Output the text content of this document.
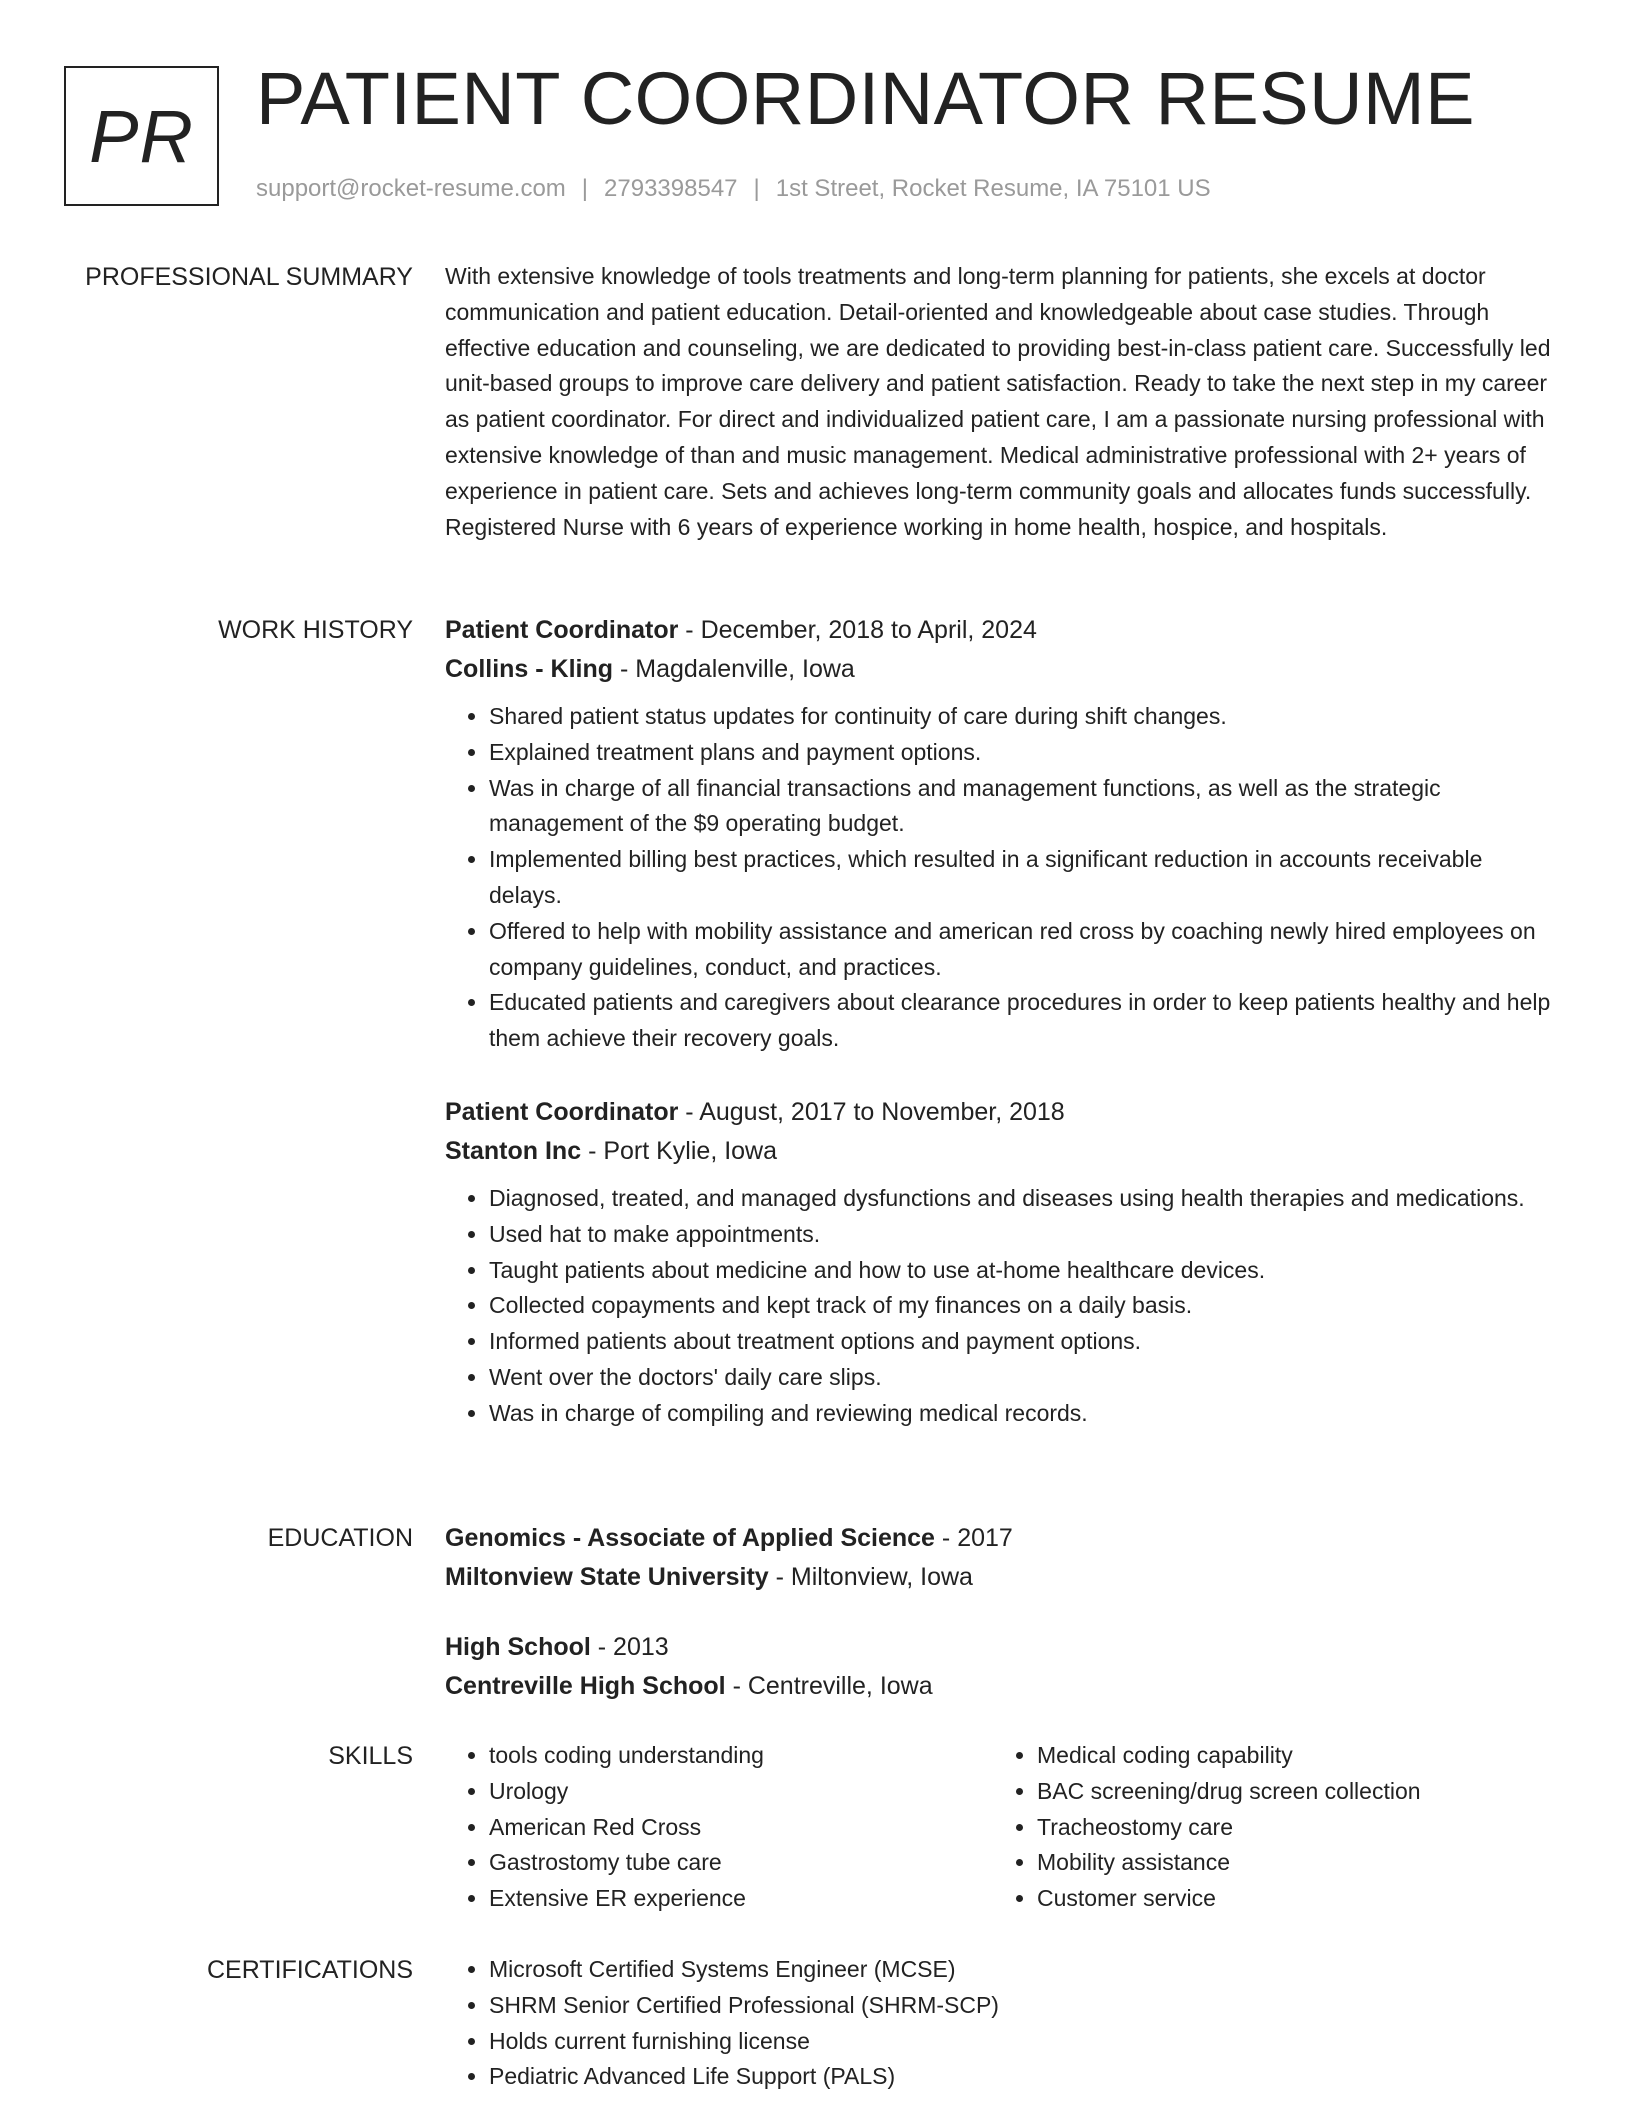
PR PATIENT COORDINATOR RESUME
support@rocket-resume.com | 2793398547 | 1st Street, Rocket Resume, IA 75101 US
PROFESSIONAL SUMMARY With extensive knowledge of tools treatments and long-term planning for patients, she excels at doctor communication and patient education. Detail-oriented and knowledgeable about case studies. Through effective education and counseling, we are dedicated to providing best-in-class patient care. Successfully led unit-based groups to improve care delivery and patient satisfaction. Ready to take the next step in my career as patient coordinator. For direct and individualized patient care, I am a passionate nursing professional with extensive knowledge of than and music management. Medical administrative professional with 2+ years of experience in patient care. Sets and achieves long-term community goals and allocates funds successfully. Registered Nurse with 6 years of experience working in home health, hospice, and hospitals.

WORK HISTORY Patient Coordinator - December, 2018 to April, 2024
Collins - Kling - Magdalenville, Iowa
• Shared patient status updates for continuity of care during shift changes.
• Explained treatment plans and payment options.
• Was in charge of all financial transactions and management functions, as well as the strategic management of the $9 operating budget.
• Implemented billing best practices, which resulted in a significant reduction in accounts receivable delays.
• Offered to help with mobility assistance and american red cross by coaching newly hired employees on company guidelines, conduct, and practices.
• Educated patients and caregivers about clearance procedures in order to keep patients healthy and help them achieve their recovery goals.
Patient Coordinator - August, 2017 to November, 2018
Stanton Inc - Port Kylie, Iowa
• Diagnosed, treated, and managed dysfunctions and diseases using health therapies and medications.
• Used hat to make appointments.
• Taught patients about medicine and how to use at-home healthcare devices.
• Collected copayments and kept track of my finances on a daily basis.
• Informed patients about treatment options and payment options.
• Went over the doctors' daily care slips.
• Was in charge of compiling and reviewing medical records.
EDUCATION Genomics - Associate of Applied Science - 2017
Miltonview State University - Miltonview, Iowa
High School - 2013
Centreville High School - Centreville, Iowa
SKILLS	• tools coding understanding
• Urology
• American Red Cross
• Gastrostomy tube care
• Extensive ER experience
• Medical coding capability
• BAC screening/drug screen collection
• Tracheostomy care
• Mobility assistance
• Customer service
CERTIFICATIONS	• Microsoft Certified Systems Engineer (MCSE)
• SHRM Senior Certified Professional (SHRM-SCP)
• Holds current furnishing license
• Pediatric Advanced Life Support (PALS)
